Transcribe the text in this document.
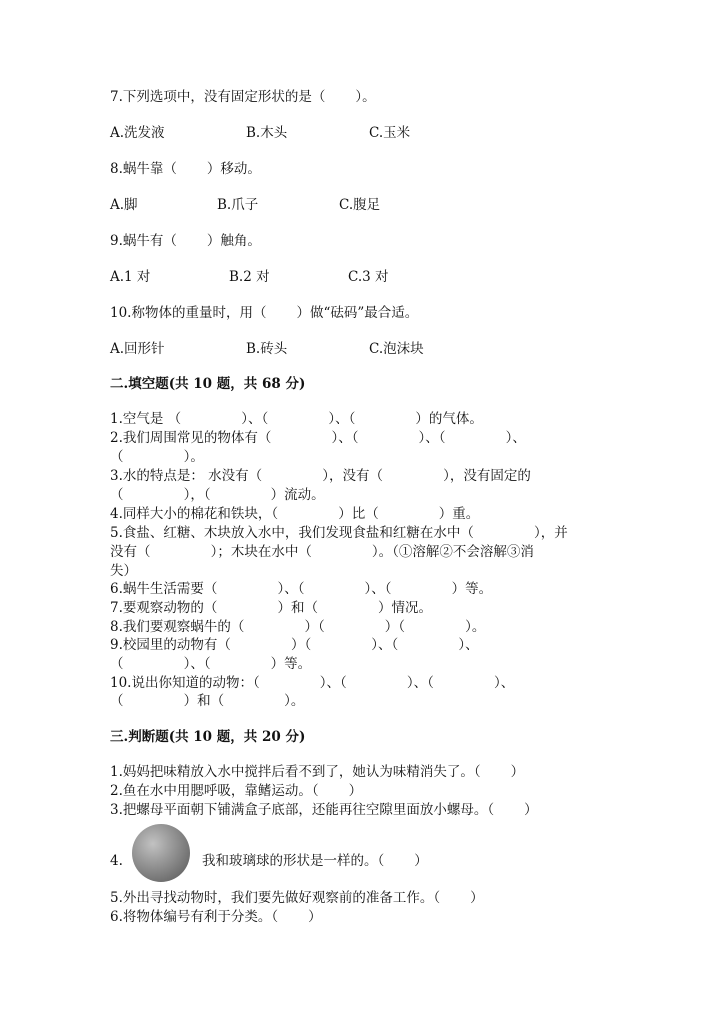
7.下列选项中，没有固定形状的是（       ）。
A.洗发液	B.木头	C.玉米
8.蜗牛靠（       ）移动。
A.脚	B.爪子	C.腹足
9.蜗牛有（       ）触角。
A.1 对	B.2 对	C.3 对
10.称物体的重量时，用（       ）做“砝码”最合适。
A.回形针	B.砖头	C.泡沫块
二.填空题(共 10 题，共 68 分)
1.空气是 （              ）、（              ）、（              ）的气体。
2.我们周围常见的物体有（              ）、（              ）、（              ）、
（              ）。
3.水的特点是： 水没有（              ），没有（              ），没有固定的
（              ），（              ）流动。
4.同样大小的棉花和铁块，（              ）比（              ）重。
5.食盐、红糖、木块放入水中，我们发现食盐和红糖在水中（              ），并
没有（              ）；木块在水中（              ）。（①溶解②不会溶解③消
失）
6.蜗牛生活需要（              ）、（              ）、（              ）等。
7.要观察动物的（              ）和（              ）情况。
8.我们要观察蜗牛的（              ）（              ）（              ）。
9.校园里的动物有（              ）（              ）、（              ）、
（              ）、（              ）等。
10.说出你知道的动物：（              ）、（              ）、（              ）、
（              ）和（              ）。
三.判断题(共 10 题，共 20 分)
1.妈妈把味精放入水中搅拌后看不到了，她认为味精消失了。（       ）
2.鱼在水中用腮呼吸，靠鳍运动。（       ）
3.把螺母平面朝下铺满盒子底部，还能再往空隙里面放小螺母。（       ）
4.	我和玻璃球的形状是一样的。（       ）
5.外出寻找动物时，我们要先做好观察前的准备工作。（       ）
6.将物体编号有利于分类。（       ）
